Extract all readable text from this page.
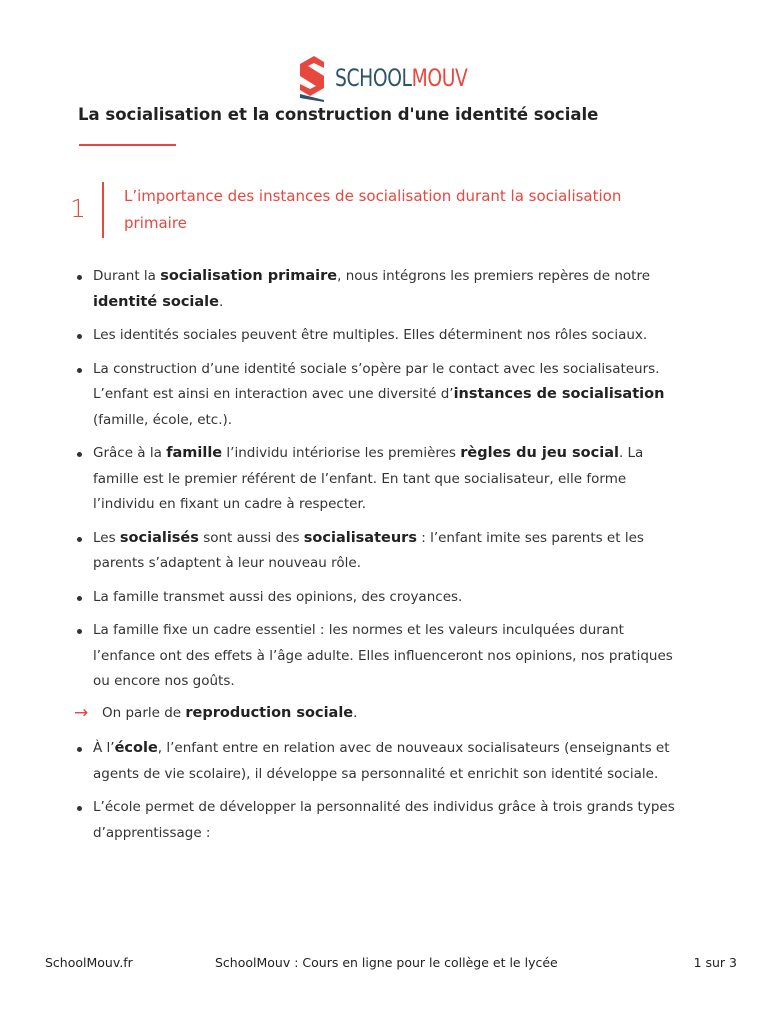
SCHOOLMOUV
La socialisation et la construction d'une identité sociale
1	L’importance des instances de socialisation durant la socialisation primaire
Durant la socialisation primaire, nous intégrons les premiers repères de notre identité sociale.
Les identités sociales peuvent être multiples. Elles déterminent nos rôles sociaux.
La construction d’une identité sociale s’opère par le contact avec les socialisateurs. L’enfant est ainsi en interaction avec une diversité d’instances de socialisation (famille, école, etc.).
Grâce à la famille l’individu intériorise les premières règles du jeu social. La famille est le premier référent de l’enfant. En tant que socialisateur, elle forme l’individu en fixant un cadre à respecter.
Les socialisés sont aussi des socialisateurs : l’enfant imite ses parents et les parents s’adaptent à leur nouveau rôle.
La famille transmet aussi des opinions, des croyances.
La famille fixe un cadre essentiel : les normes et les valeurs inculquées durant l’enfance ont des effets à l’âge adulte. Elles influenceront nos opinions, nos pratiques ou encore nos goûts.
→ On parle de reproduction sociale.
À l’école, l’enfant entre en relation avec de nouveaux socialisateurs (enseignants et agents de vie scolaire), il développe sa personnalité et enrichit son identité sociale.
L’école permet de développer la personnalité des individus grâce à trois grands types d’apprentissage :
SchoolMouv.fr	SchoolMouv : Cours en ligne pour le collège et le lycée	1 sur 3
